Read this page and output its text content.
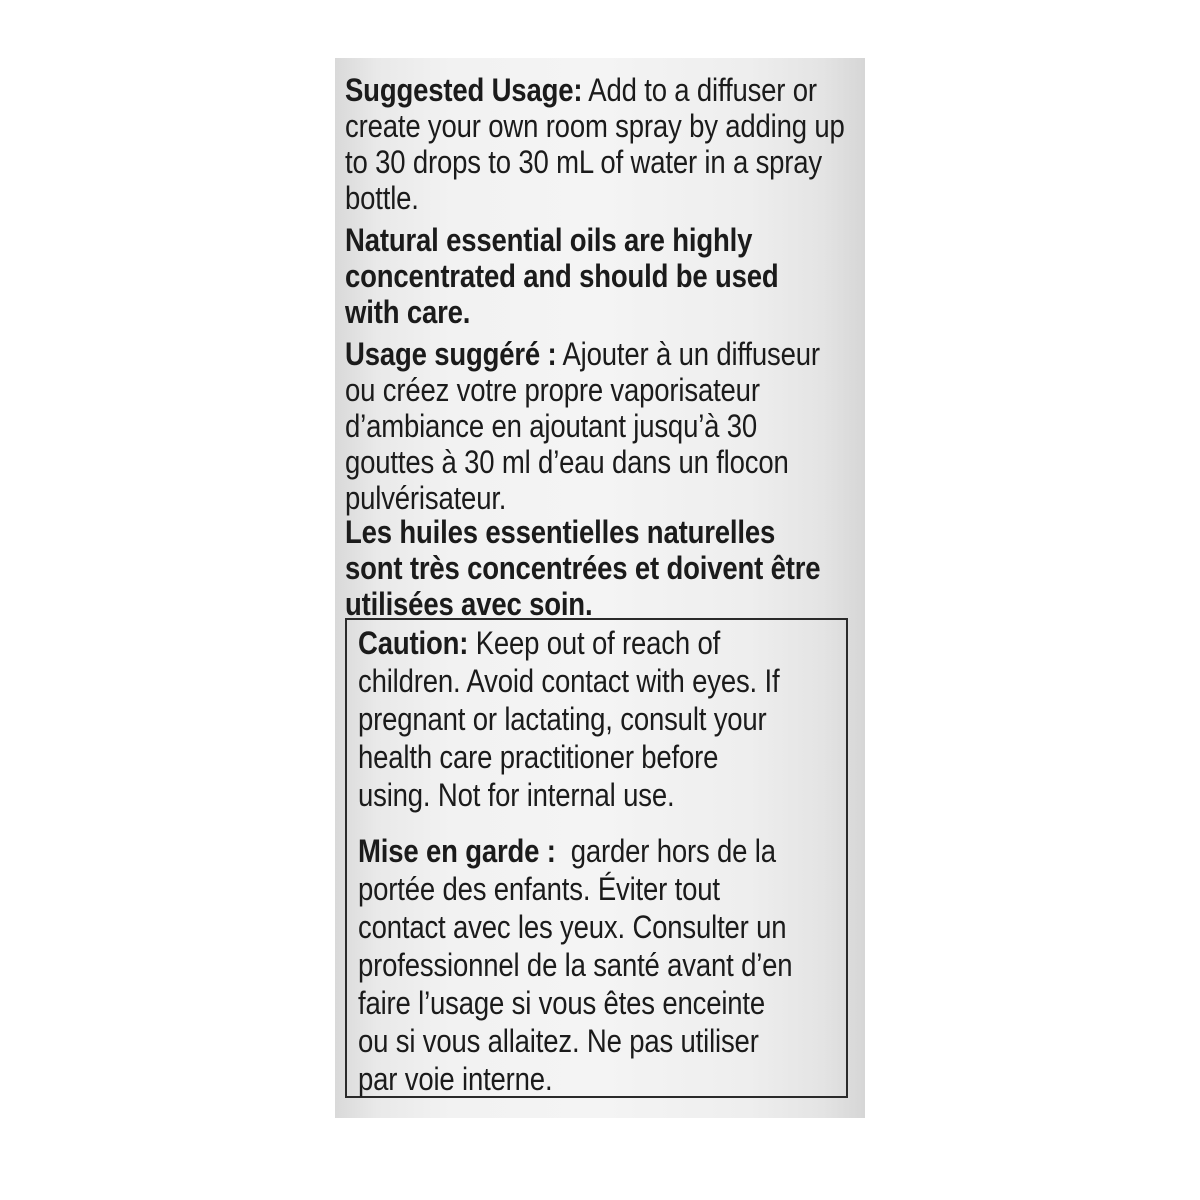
Suggested Usage: Add to a diffuser or
create your own room spray by adding up
to 30 drops to 30 mL of water in a spray
bottle.
Natural essential oils are highly
concentrated and should be used
with care.
Usage suggéré : Ajouter à un diffuseur
ou créez votre propre vaporisateur
d’ambiance en ajoutant jusqu’à 30
gouttes à 30 ml d’eau dans un flocon
pulvérisateur.
Les huiles essentielles naturelles
sont très concentrées et doivent être
utilisées avec soin.
Caution: Keep out of reach of
children. Avoid contact with eyes. If
pregnant or lactating, consult your
health care practitioner before
using. Not for internal use.
Mise en garde :  garder hors de la
portée des enfants. Éviter tout
contact avec les yeux. Consulter un
professionnel de la santé avant d’en
faire l’usage si vous êtes enceinte
ou si vous allaitez. Ne pas utiliser
par voie interne.
